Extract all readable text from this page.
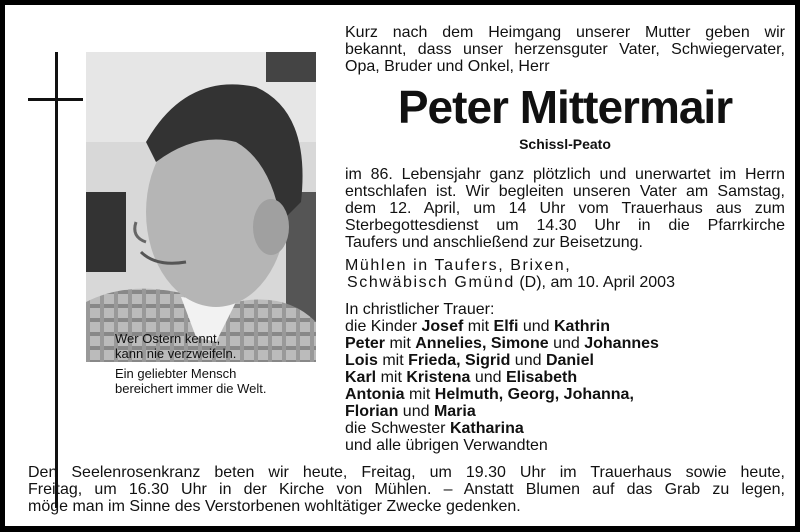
Wer Ostern kennt,
kann nie verzweifeln.
Ein geliebter Mensch
bereichert immer die Welt.
Kurz nach dem Heimgang unserer Mutter geben wir
bekannt, dass unser herzensguter Vater, Schwiegervater,
Opa, Bruder und Onkel, Herr
Peter Mittermair
Schissl-Peato
im 86. Lebensjahr ganz plötzlich und unerwartet im Herrn
entschlafen ist. Wir begleiten unseren Vater am Samstag,
dem 12. April, um 14 Uhr vom Trauerhaus aus zum
Sterbegottesdienst um 14.30 Uhr in die Pfarrkirche
Taufers und anschließend zur Beisetzung.
Mühlen in Taufers, Brixen,
Schwäbisch Gmünd (D), am 10. April 2003
In christlicher Trauer:
die Kinder Josef mit Elfi und Kathrin
Peter mit Annelies, Simone und Johannes
Lois mit Frieda, Sigrid und Daniel
Karl mit Kristena und Elisabeth
Antonia mit Helmuth, Georg, Johanna,
Florian und Maria
die Schwester Katharina
und alle übrigen Verwandten
Den Seelenrosenkranz beten wir heute, Freitag, um 19.30 Uhr im Trauerhaus sowie heute,
Freitag, um 16.30 Uhr in der Kirche von Mühlen. – Anstatt Blumen auf das Grab zu legen,
möge man im Sinne des Verstorbenen wohltätiger Zwecke gedenken.
